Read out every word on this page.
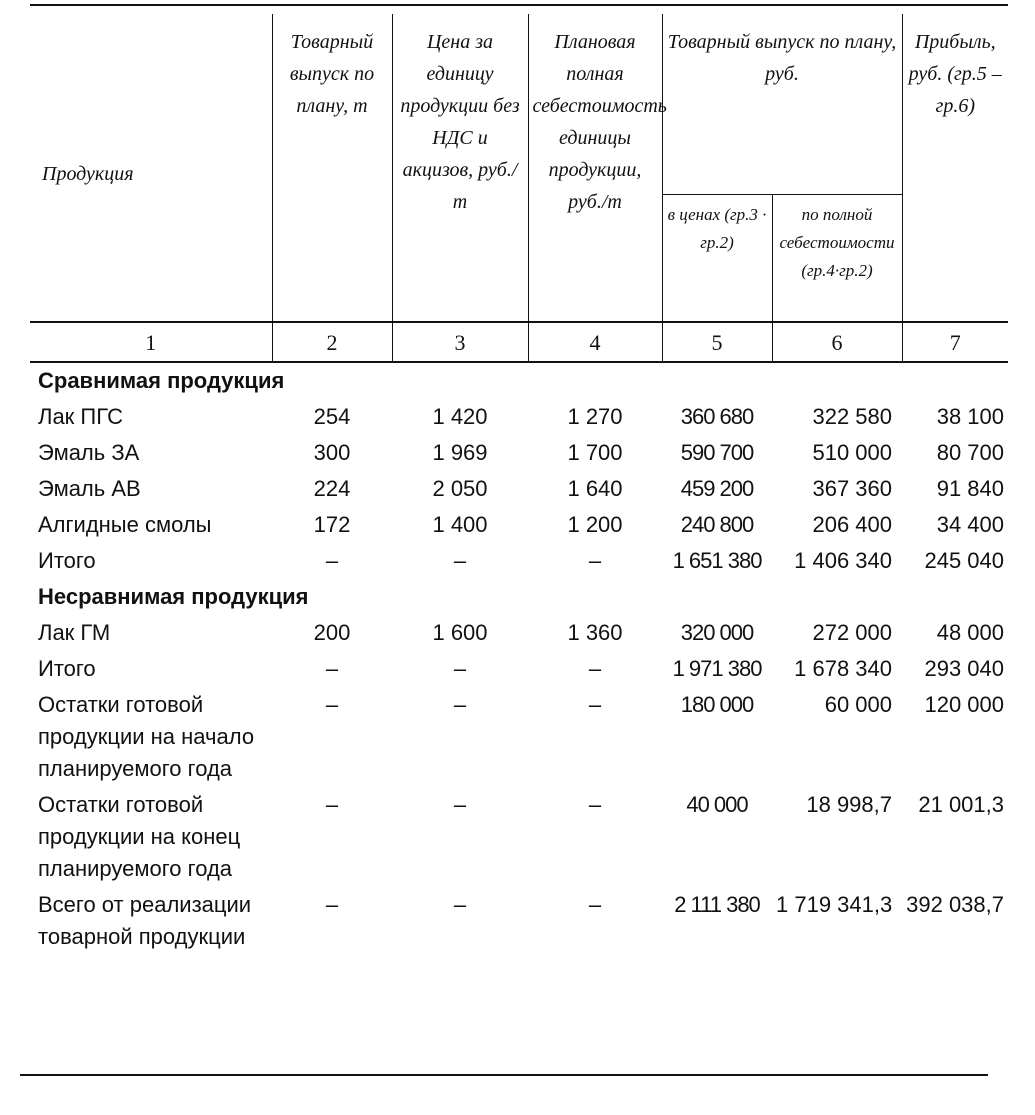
Продукция	Товарный выпуск по плану, т	Цена за единицу продукции без НДС и акцизов, руб./т	Плановая полная себестоимость единицы продукции, руб./т	Товарный выпуск по плану, руб.		Прибыль, руб. (гр.5 – гр.6)
				в ценах (гр.3 · гр.2)	по полной себестоимости (гр.4·гр.2)	
1	2	3	4	5	6	7
Сравнимая продукция						
Лак ПГС	254	1 420	1 270	360 680	322 580	38 100
Эмаль ЗА	300	1 969	1 700	590 700	510 000	80 700
Эмаль АВ	224	2 050	1 640	459 200	367 360	91 840
Алгидные смолы	172	1 400	1 200	240 800	206 400	34 400
Итого	–	–	–	1 651 380	1 406 340	245 040
Несравнимая продукция						
Лак ГМ	200	1 600	1 360	320 000	272 000	48 000
Итого	–	–	–	1 971 380	1 678 340	293 040
Остатки готовой продукции на начало планируемого года	–	–	–	180 000	60 000	120 000
Остатки готовой продукции на конец планируемого года	–	–	–	40 000	18 998,7	21 001,3
Всего от реализации товарной продукции	–	–	–	2 111 380	1 719 341,3	392 038,7
